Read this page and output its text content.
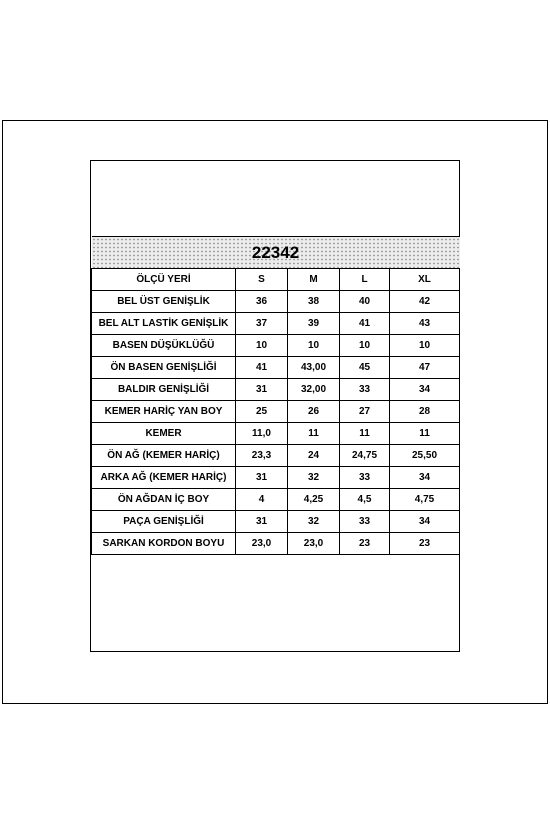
22342				
ÖLÇÜ YERİ	S	M	L	XL
BEL ÜST GENİŞLİK	36	38	40	42
BEL ALT LASTİK GENİŞLİK	37	39	41	43
BASEN DÜŞÜKLÜĞÜ	10	10	10	10
ÖN BASEN GENİŞLİĞİ	41	43,00	45	47
BALDIR GENİŞLİĞİ	31	32,00	33	34
KEMER HARİÇ YAN BOY	25	26	27	28
KEMER	11,0	11	11	11
ÖN AĞ (KEMER HARİÇ)	23,3	24	24,75	25,50
ARKA AĞ (KEMER HARİÇ)	31	32	33	34
ÖN AĞDAN İÇ BOY	4	4,25	4,5	4,75
PAÇA GENİŞLİĞİ	31	32	33	34
SARKAN KORDON BOYU	23,0	23,0	23	23
